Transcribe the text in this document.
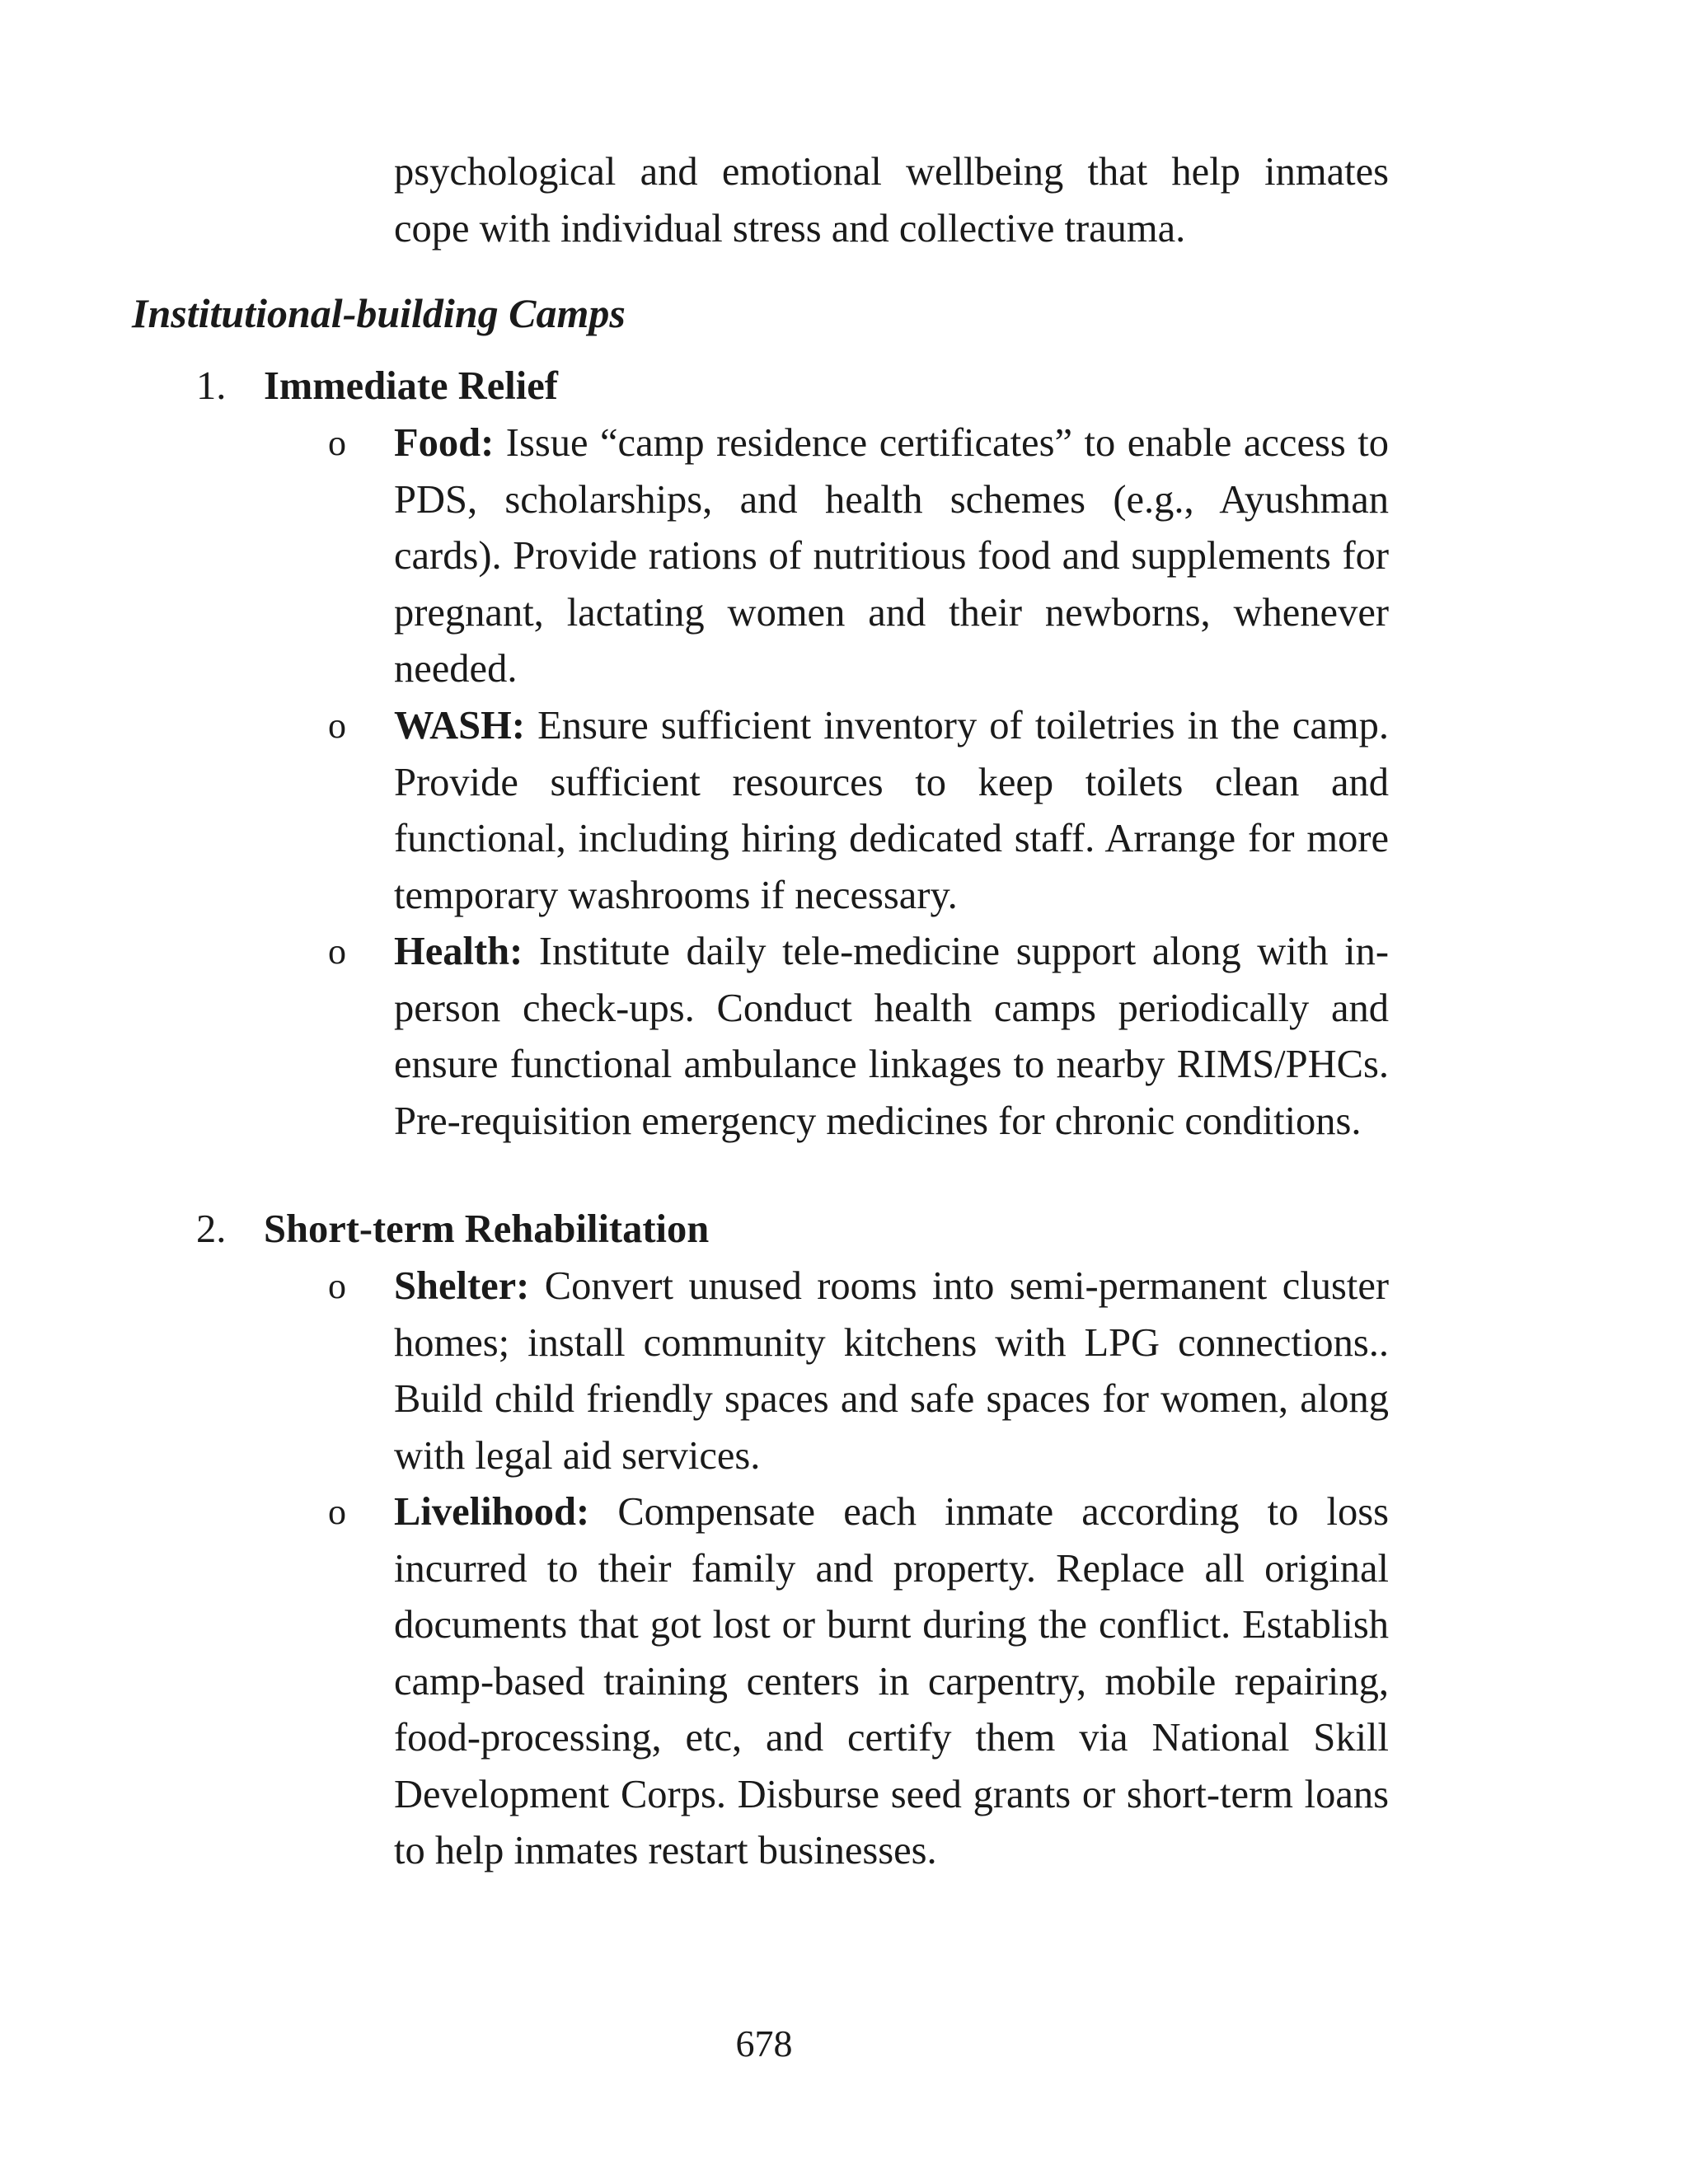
psychological and emotional wellbeing that help inmates cope with individual stress and collective trauma.
Institutional-building Camps
1. Immediate Relief
o Food: Issue “camp residence certificates” to enable access to PDS, scholarships, and health schemes (e.g., Ayushman cards). Provide rations of nutritious food and supplements for pregnant, lactating women and their newborns, whenever needed.
o WASH: Ensure sufficient inventory of toiletries in the camp. Provide sufficient resources to keep toilets clean and functional, including hiring dedicated staff. Arrange for more temporary washrooms if necessary.
o Health: Institute daily tele-medicine support along with in-person check-ups. Conduct health camps periodically and ensure functional ambulance linkages to nearby RIMS/PHCs. Pre-requisition emergency medicines for chronic conditions.
2. Short-term Rehabilitation
o Shelter: Convert unused rooms into semi-permanent cluster homes; install community kitchens with LPG connections.. Build child friendly spaces and safe spaces for women, along with legal aid services.
o Livelihood: Compensate each inmate according to loss incurred to their family and property. Replace all original documents that got lost or burnt during the conflict. Establish camp-based training centers in carpentry, mobile repairing, food-processing, etc, and certify them via National Skill Development Corps. Disburse seed grants or short-term loans to help inmates restart businesses.
678
